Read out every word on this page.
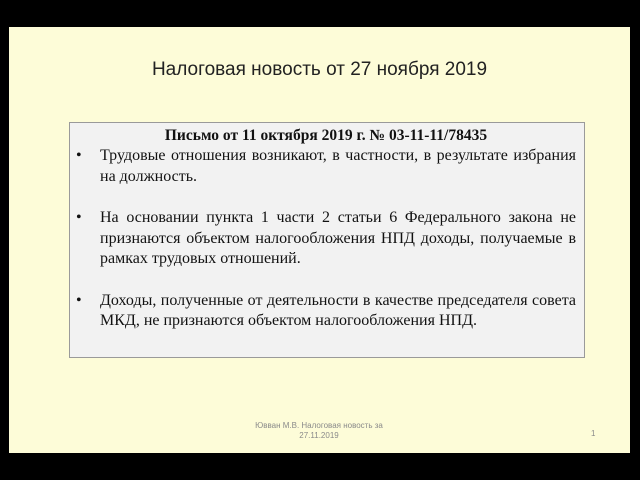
Налоговая новость от 27 ноября 2019
Письмо от 11 октября 2019 г. № 03-11-11/78435
•	Трудовые отношения возникают, в частности, в результате избрания на должность.
•	На основании пункта 1 части 2 статьи 6 Федерального закона не признаются объектом налогообложения НПД доходы, получаемые в рамках трудовых отношений.
•	Доходы, полученные от деятельности в качестве председателя совета МКД, не признаются объектом налогообложения НПД.
Ювван М.В. Налоговая новость за
27.11.2019	1
